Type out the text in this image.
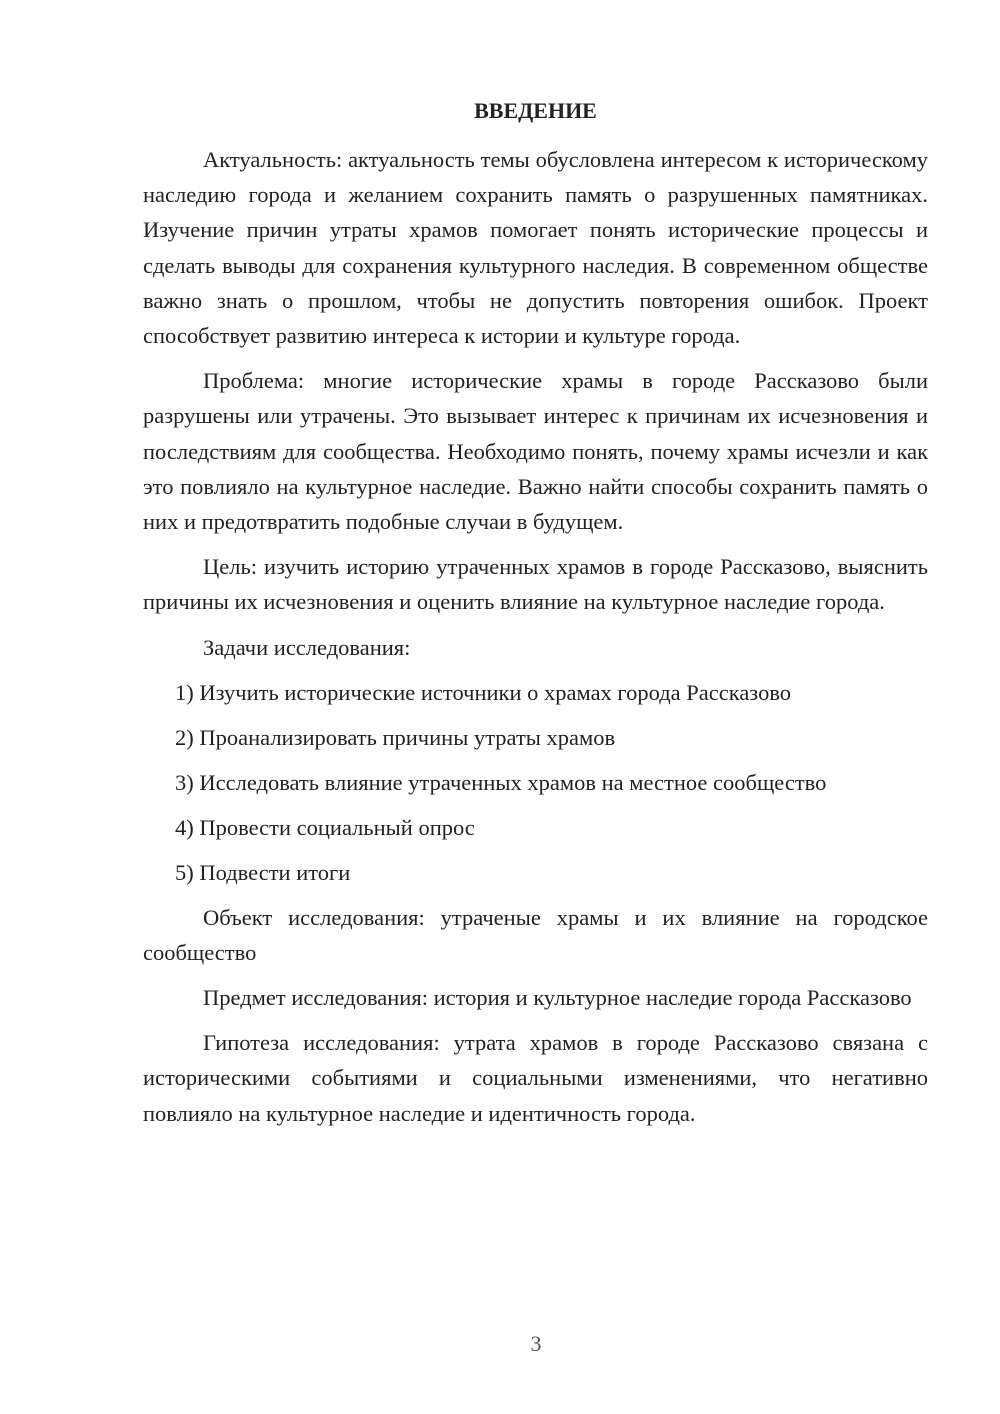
ВВЕДЕНИЕ

Актуальность: актуальность темы обусловлена интересом к историческому наследию города и желанием сохранить память о разрушенных памятниках. Изучение причин утраты храмов помогает понять исторические процессы и сделать выводы для сохранения культурного наследия. В современном обществе важно знать о прошлом, чтобы не допустить повторения ошибок. Проект способствует развитию интереса к истории и культуре города.

Проблема: многие исторические храмы в городе Рассказово были разрушены или утрачены. Это вызывает интерес к причинам их исчезновения и последствиям для сообщества. Необходимо понять, почему храмы исчезли и как это повлияло на культурное наследие. Важно найти способы сохранить память о них и предотвратить подобные случаи в будущем.

Цель: изучить историю утраченных храмов в городе Рассказово, выяснить причины их исчезновения и оценить влияние на культурное наследие города.

Задачи исследования:
1) Изучить исторические источники о храмах города Рассказово
2) Проанализировать причины утраты храмов
3) Исследовать влияние утраченных храмов на местное сообщество
4) Провести социальный опрос
5) Подвести итоги

Объект исследования: утраченые храмы и их влияние на городское сообщество

Предмет исследования: история и культурное наследие города Рассказово

Гипотеза исследования: утрата храмов в городе Рассказово связана с историческими событиями и социальными изменениями, что негативно повлияло на культурное наследие и идентичность города.

3
